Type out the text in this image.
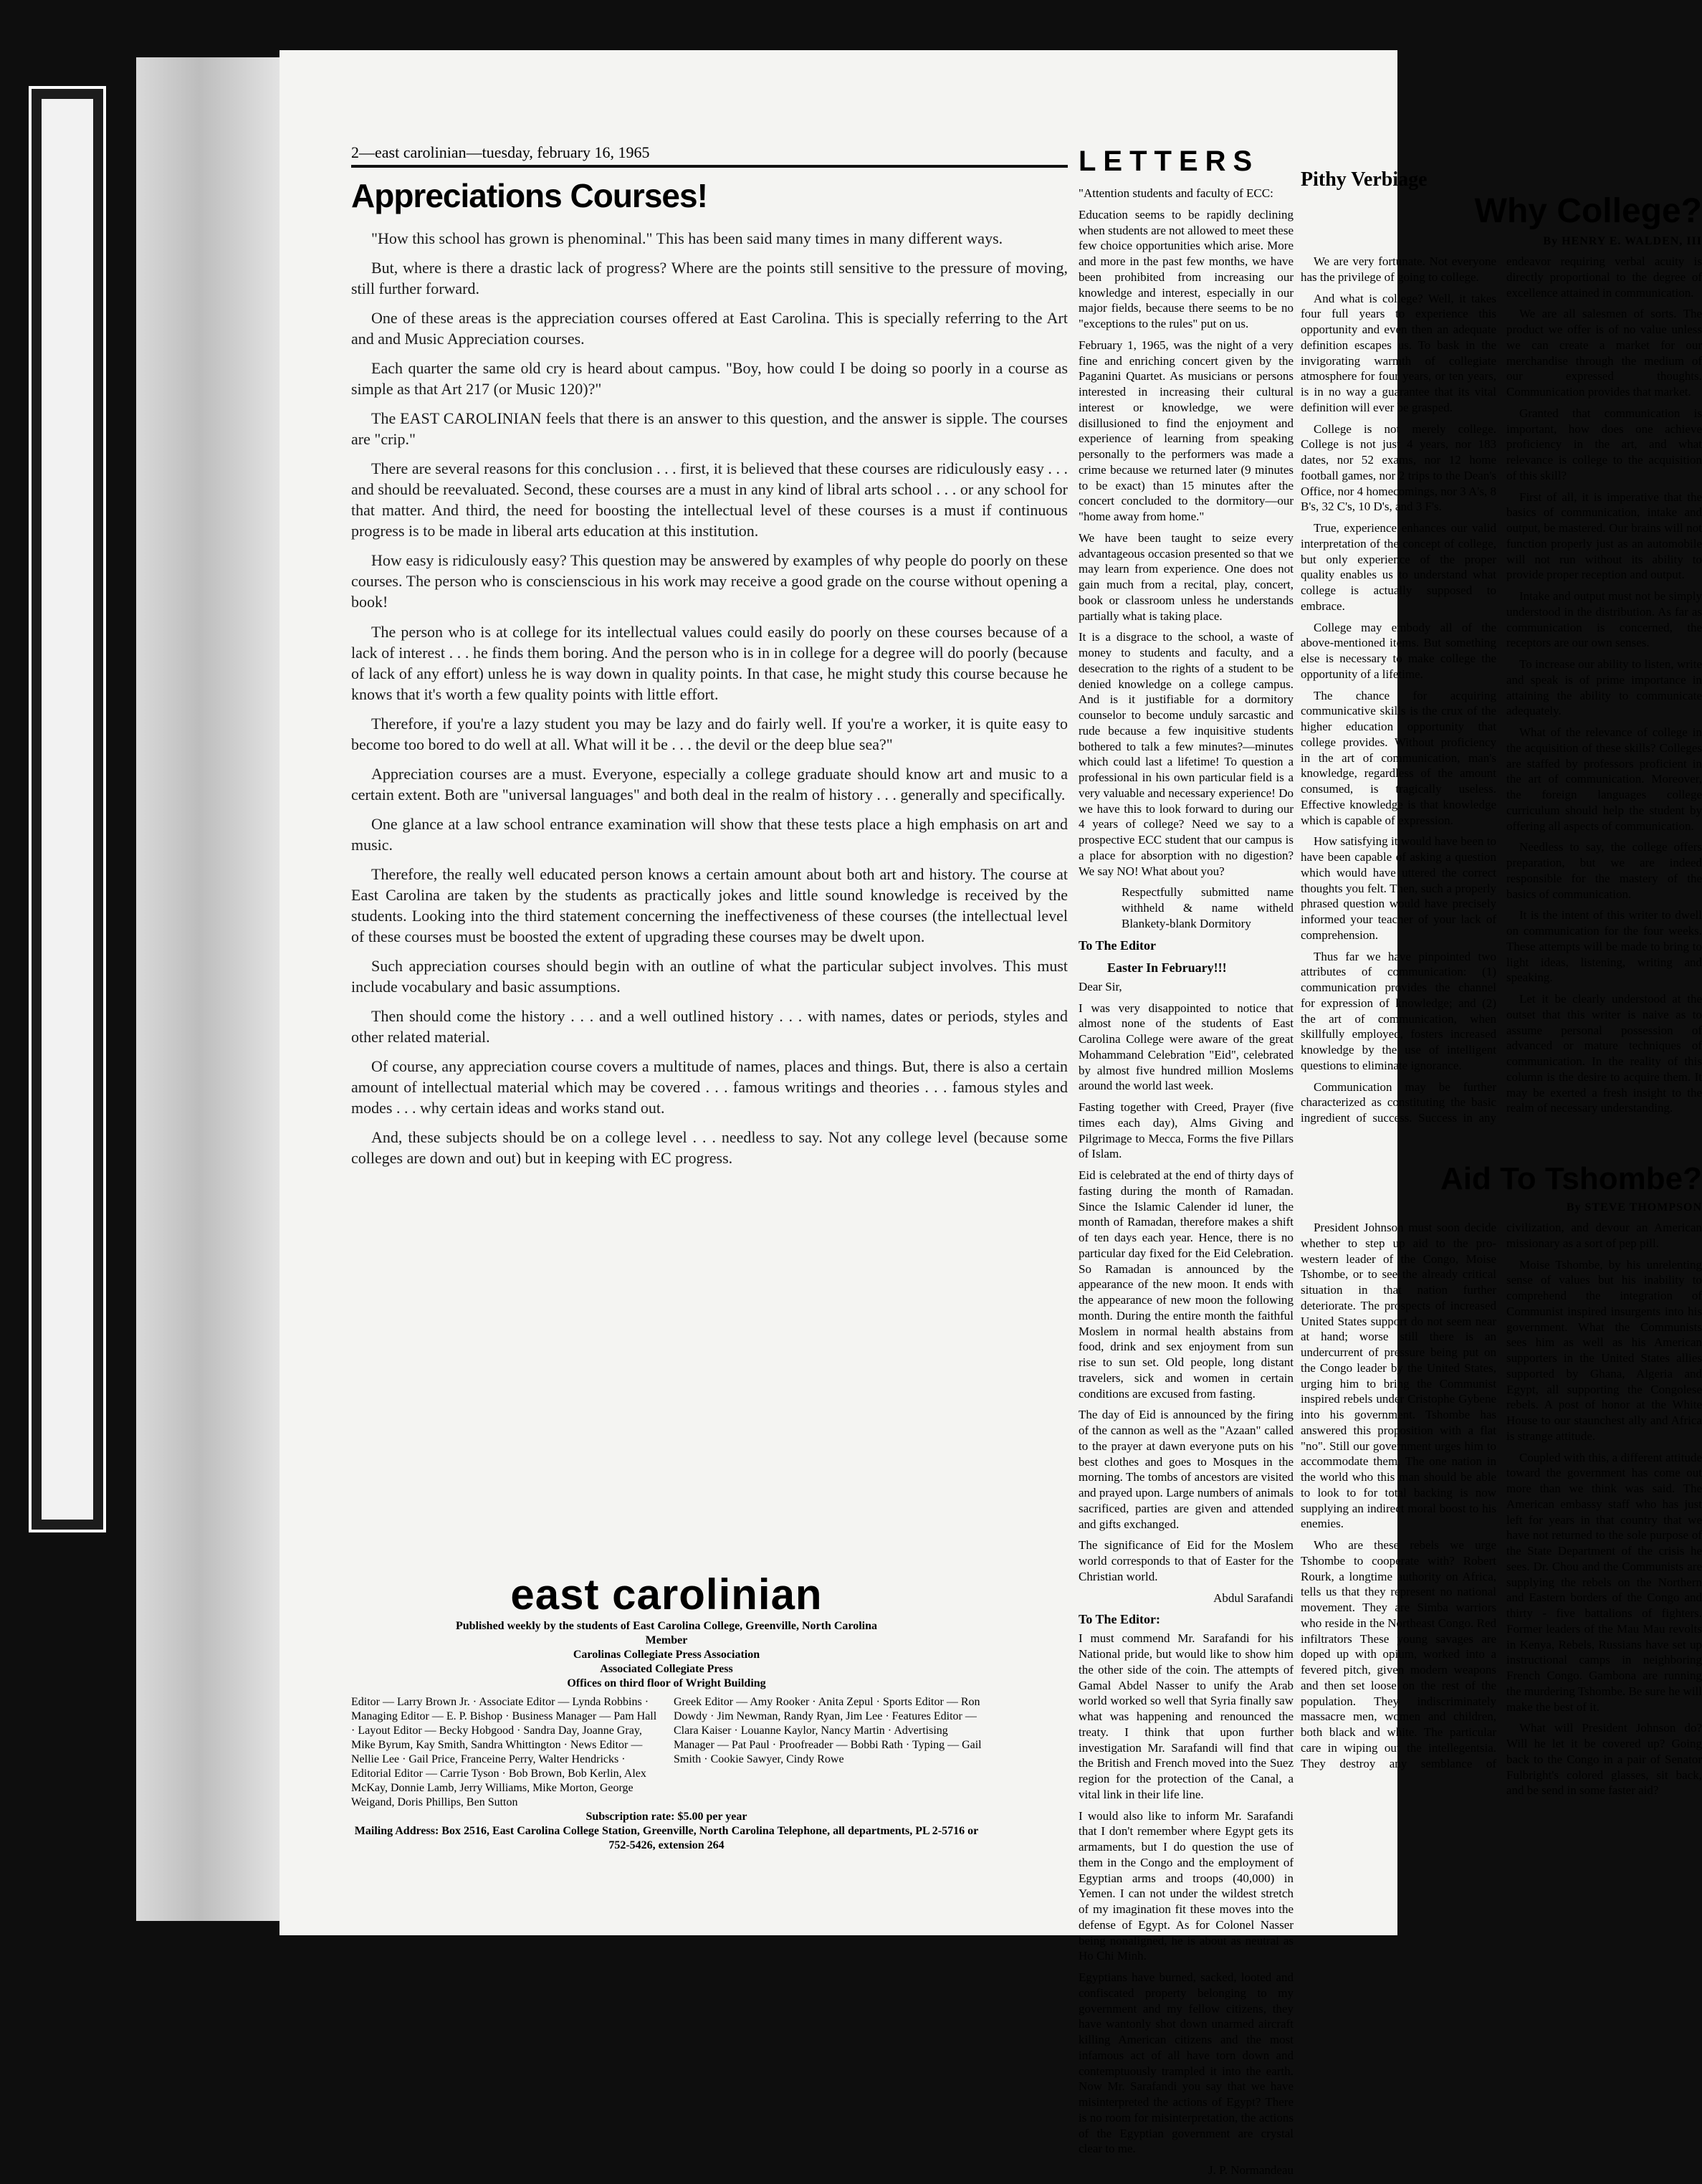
2—east carolinian—tuesday, february 16, 1965
Appreciations Courses!

"How this school has grown is phenominal." This has been said many times in many different ways.

But, where is there a drastic lack of progress? Where are the points still sensitive to the pressure of moving, still further forward.

One of these areas is the appreciation courses offered at East Carolina. This is specially referring to the Art and and Music Appreciation courses.

Each quarter the same old cry is heard about campus. "Boy, how could I be doing so poorly in a course as simple as that Art 217 (or Music 120)?"

The EAST CAROLINIAN feels that there is an answer to this question, and the answer is sipple. The courses are "crip."

There are several reasons for this conclusion . . . first, it is believed that these courses are ridiculously easy . . . and should be reevaluated. Second, these courses are a must in any kind of libral arts school . . . or any school for that matter. And third, the need for boosting the intellectual level of these courses is a must if continuous progress is to be made in liberal arts education at this institution.

How easy is ridiculously easy? This question may be answered by examples of why people do poorly on these courses. The person who is conscienscious in his work may receive a good grade on the course without opening a book!

The person who is at college for its intellectual values could easily do poorly on these courses because of a lack of interest . . . he finds them boring. And the person who is in in college for a degree will do poorly (because of lack of any effort) unless he is way down in quality points. In that case, he might study this course because he knows that it's worth a few quality points with little effort.

Therefore, if you're a lazy student you may be lazy and do fairly well. If you're a worker, it is quite easy to become too bored to do well at all. What will it be . . . the devil or the deep blue sea?"

Appreciation courses are a must. Everyone, especially a college graduate should know art and music to a certain extent. Both are "universal languages" and both deal in the realm of history . . . generally and specifically.

One glance at a law school entrance examination will show that these tests place a high emphasis on art and music.

Therefore, the really well educated person knows a certain amount about both art and history. The course at East Carolina are taken by the students as practically jokes and little sound knowledge is received by the students. Looking into the third statement concerning the ineffectiveness of these courses (the intellectual level of these courses must be boosted the extent of upgrading these courses may be dwelt upon.

Such appreciation courses should begin with an outline of what the particular subject involves. This must include vocabulary and basic assumptions.

Then should come the history . . . and a well outlined history . . . with names, dates or periods, styles and other related material.

Of course, any appreciation course covers a multitude of names, places and things. But, there is also a certain amount of intellectual material which may be covered . . . famous writings and theories . . . famous styles and modes . . . why certain ideas and works stand out.

And, these subjects should be on a college level . . . needless to say. Not any college level (because some colleges are down and out) but in keeping with EC progress.

east carolinian
Published weekly by the students of East Carolina College, Greenville, North Carolina
Member
Carolinas Collegiate Press Association
Associated Collegiate Press
Offices on third floor of Wright Building
Editor — Larry Brown Jr. · Associate Editor — Lynda Robbins · Managing Editor — E. P. Bishop · Business Manager — Pam Hall · Layout Editor — Becky Hobgood · Sandra Day, Joanne Gray, Mike Byrum, Kay Smith, Sandra Whittington · News Editor — Nellie Lee · Gail Price, Franceine Perry, Walter Hendricks · Editorial Editor — Carrie Tyson · Bob Brown, Bob Kerlin, Alex McKay, Donnie Lamb, Jerry Williams, Mike Morton, George Weigand, Doris Phillips, Ben Sutton
Greek Editor — Amy Rooker · Anita Zepul · Sports Editor — Ron Dowdy · Jim Newman, Randy Ryan, Jim Lee · Features Editor — Clara Kaiser · Louanne Kaylor, Nancy Martin · Advertising Manager — Pat Paul · Proofreader — Bobbi Rath · Typing — Gail Smith · Cookie Sawyer, Cindy Rowe
Subscription rate: $5.00 per year
Mailing Address: Box 2516, East Carolina College Station, Greenville, North Carolina Telephone, all departments, PL 2-5716 or 752-5426, extension 264
LETTERS

"Attention students and faculty of ECC:

Education seems to be rapidly declining when students are not allowed to meet these few choice opportunities which arise. More and more in the past few months, we have been prohibited from increasing our knowledge and interest, especially in our major fields, because there seems to be no "exceptions to the rules" put on us.

February 1, 1965, was the night of a very fine and enriching concert given by the Paganini Quartet. As musicians or persons interested in increasing their cultural interest or knowledge, we were disillusioned to find the enjoyment and experience of learning from speaking personally to the performers was made a crime because we returned later (9 minutes to be exact) than 15 minutes after the concert concluded to the dormitory—our "home away from home."

We have been taught to seize every advantageous occasion presented so that we may learn from experience. One does not gain much from a recital, play, concert, book or classroom unless he understands partially what is taking place.

It is a disgrace to the school, a waste of money to students and faculty, and a desecration to the rights of a student to be denied knowledge on a college campus. And is it justifiable for a dormitory counselor to become unduly sarcastic and rude because a few inquisitive students bothered to talk a few minutes?—minutes which could last a lifetime! To question a professional in his own particular field is a very valuable and necessary experience! Do we have this to look forward to during our 4 years of college? Need we say to a prospective ECC student that our campus is a place for absorption with no digestion? We say NO! What about you?

Respectfully submitted name withheld & name witheld Blankety-blank Dormitory

To The Editor
Easter In February!!!

Dear Sir,

I was very disappointed to notice that almost none of the students of East Carolina College were aware of the great Mohammand Celebration "Eid", celebrated by almost five hundred million Moslems around the world last week.

Fasting together with Creed, Prayer (five times each day), Alms Giving and Pilgrimage to Mecca, Forms the five Pillars of Islam.

Eid is celebrated at the end of thirty days of fasting during the month of Ramadan. Since the Islamic Calender id luner, the month of Ramadan, therefore makes a shift of ten days each year. Hence, there is no particular day fixed for the Eid Celebration. So Ramadan is announced by the appearance of the new moon. It ends with the appearance of new moon the following month. During the entire month the faithful Moslem in normal health abstains from food, drink and sex enjoyment from sun rise to sun set. Old people, long distant travelers, sick and women in certain conditions are excused from fasting.

The day of Eid is announced by the firing of the cannon as well as the "Azaan" called to the prayer at dawn everyone puts on his best clothes and goes to Mosques in the morning. The tombs of ancestors are visited and prayed upon. Large numbers of animals sacrificed, parties are given and attended and gifts exchanged.

The significance of Eid for the Moslem world corresponds to that of Easter for the Christian world.

Abdul Sarafandi

To The Editor:

I must commend Mr. Sarafandi for his National pride, but would like to show him the other side of the coin. The attempts of Gamal Abdel Nasser to unify the Arab world worked so well that Syria finally saw what was happening and renounced the treaty. I think that upon further investigation Mr. Sarafandi will find that the British and French moved into the Suez region for the protection of the Canal, a vital link in their life line.

I would also like to inform Mr. Sarafandi that I don't remember where Egypt gets its armaments, but I do question the use of them in the Congo and the employment of Egyptian arms and troops (40,000) in Yemen. I can not under the wildest stretch of my imagination fit these moves into the defense of Egypt. As for Colonel Nasser being nonaligned, he is about as neutral as Ho Chi Minh.

Egyptians have burned, sacked, looted and confiscated property belonging to my government and my fellow citizens, they have wantonly shot down unarmed aircraft killing American citizens and the most infamous act of all have torn down and contemptuously trampled it into the earth. Now Mr. Sarafandi you say that we have misinterpreted the actions of Egypt? There is no room for misinterpretation, the actions of the Egyptian government are crystal clear to me.

J. P. Normandeau

Pithy Verbiage
Why College?
By HENRY E. WALDEN, III

We are very fortunate. Not everyone has the privilege of going to college.

And what is college? Well, it takes four full years to experience this opportunity and even then an adequate definition escapes us. To bask in the invigorating warmth of collegiate atmosphere for four years, or ten years, is in no way a guarantee that its vital definition will ever be grasped.

College is not merely college. College is not just 4 years, nor 183 dates, nor 52 exams, nor 12 home football games, nor 2 trips to the Dean's Office, nor 4 homecomings, nor 3 A's, 8 B's, 32 C's, 10 D's, and 3 F's.

True, experience enhances our valid interpretation of the concept of college, but only experience of the proper quality enables us to understand what college is actually supposed to embrace.

College may embody all of the above-mentioned items. But something else is necessary to make college the opportunity of a lifetime.

The chance for acquiring communicative skills is the crux of the higher education opportunity that college provides. Without proficiency in the art of communication, man's knowledge, regardless of the amount consumed, is tragically useless. Effective knowledge is that knowledge which is capable of expression.

How satisfying it would have been to have been capable of asking a question which would have uttered the correct thoughts you felt. Then, such a properly phrased question would have precisely informed your teacher of your lack of comprehension.

Thus far we have pinpointed two attributes of communication: (1) communication provides the channel for expression of knowledge; and (2) the art of communication, when skillfully employed, fosters increased knowledge by the use of intelligent questions to eliminate ignorance.

Communication may be further characterized as constituting the basic ingredient of success. Success in any endeavor requiring verbal acuity is directly proportional to the degree of excellence attained in communication.

We are all salesmen of sorts. The product we offer is of no value unless we can create a market for our merchandise through the medium of our expressed thoughts. Communication provides that market.

Granted that communication is important, how does one achieve proficiency in the art, and what relevance is college to the acquisition of this skill?

First of all, it is imperative that the basics of communication, intake and output, be mastered. Our brains will not function properly just as an automobile will not run without its ability to provide proper reception and output.

Intake and output must not be simply understood in the distribution. As far as communication is concerned, the receptors are our own senses.

To increase our ability to listen, write and speak is of prime importance in attaining the ability to communicate adequately.

What of the relevance of college in the acquisition of these skills? Colleges are staffed by professors proficient in the art of communication. Moreover, the foreign languages college curriculum should help the student by offering all aspects of communication.

Needless to say, the college offers preparation, but we are indeed responsible for the mastery of the basics of communication.

It is the intent of this writer to dwell on communication for the four weeks. These attempts will be made to bring to light ideas, listening, writing and speaking.

Let it be clearly understood at the outset that this writer is naive as to assume personal possession of advanced or mature techniques of communication. In the reality of this column is the desire to acquire them. It may be exerted a fresh insight to the realm of necessary understanding.

Aid To Tshombe?
By STEVE THOMPSON

President Johnson must soon decide whether to step up aid to the pro-western leader of the Congo, Moise Tshombe, or to see the already critical situation in that nation further deteriorate. The prospects of increased United States support do not seem near at hand; worse still there is an undercurrent of pressure being put on the Congo leader by the United States, urging him to bring the Communist inspired rebels under Cristophe Gybene into his government. Tshombe has answered this proposition with a flat "no". Still our government urges him to accommodate them. The one nation in the world who this man should be able to look to for total backing is now supplying an indirect moral boost to his enemies.

Who are these rebels we urge Tshombe to cooperate with? Robert Rourk, a longtime authority on Africa, tells us that they represent no national movement. They are Simba warriors who reside in the Northeast Congo. Red infiltrators These young savages are doped up with opium, worked into a fevered pitch, given modern weapons and then set loose on the rest of the population. They indiscriminately massacre men, women and children, both black and white. The particular care in wiping out the intellegentsia. They destroy any semblance of civilization, and devour an American missionary as a sort of pep pill.

Moise Tshombe, by his unrelenting sense of values but his inability to comprehend the integration of Communist inspired insurgents into his government. What the Communists sees him as well as his American supporters in the United States allies supported by Ghana, Algeria and Egypt, all supporting the Congolese rebels. A post of honor at the White House to our staunchest ally and Africa is strange attitude.

Coupled with this, a different attitude toward the government has come out more than we think was said. The American embassy staff who has just left for years in that country that we have not returned to the sole purpose of the State Department of the crisis he sees. Dr. Chou and the Communists are supplying the rebels on the Northern and Eastern borders of the Congo and thirty - five battalions of fighters. Former leaders of the Mau Mau revolts in Kenya, Rebels, Russians have set up instructional camps in neighboring French Congo. Gambona are running the murdering Tshombe. Be sure he will make the best of it.

What will President Johnson do? Will he let it be covered up? Going back to the Congo in a pair of Senator Fulbright's colored glasses, sit back, and be send in some faster aid?
